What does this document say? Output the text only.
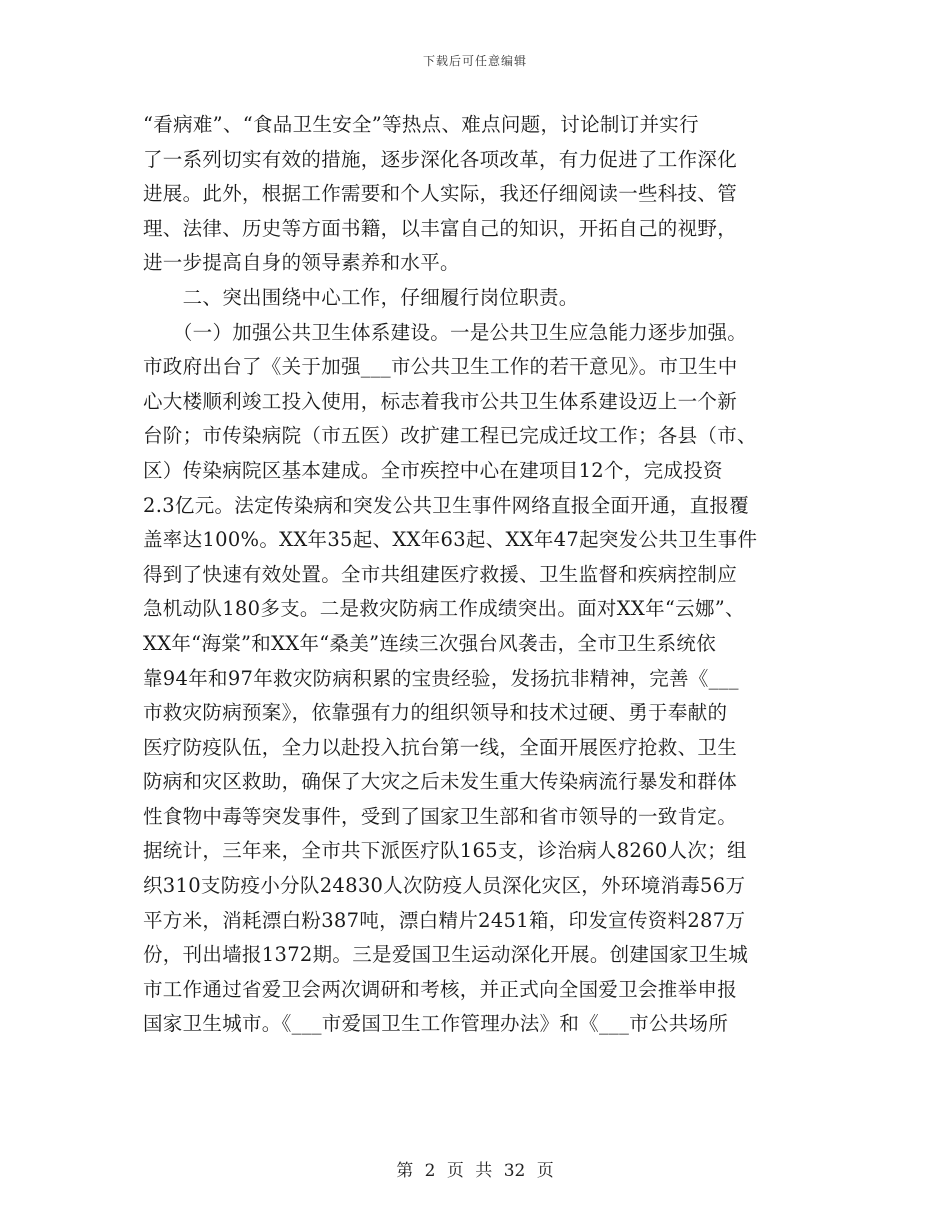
下载后可任意编辑
“看病难”、“食品卫生安全”等热点、难点问题，讨论制订并实行
了一系列切实有效的措施，逐步深化各项改革，有力促进了工作深化
进展。此外，根据工作需要和个人实际，我还仔细阅读一些科技、管
理、法律、历史等方面书籍，以丰富自己的知识，开拓自己的视野，
进一步提高自身的领导素养和水平。
　　二、突出围绕中心工作，仔细履行岗位职责。
　　（一）加强公共卫生体系建设。一是公共卫生应急能力逐步加强。
市政府出台了《关于加强___市公共卫生工作的若干意见》。市卫生中
心大楼顺利竣工投入使用，标志着我市公共卫生体系建设迈上一个新
台阶；市传染病院（市五医）改扩建工程已完成迁坟工作；各县（市、
区）传染病院区基本建成。全市疾控中心在建项目12个，完成投资
2.3亿元。法定传染病和突发公共卫生事件网络直报全面开通，直报覆
盖率达100%。XX年35起、XX年63起、XX年47起突发公共卫生事件
得到了快速有效处置。全市共组建医疗救援、卫生监督和疾病控制应
急机动队180多支。二是救灾防病工作成绩突出。面对XX年“云娜”、
XX年“海棠”和XX年“桑美”连续三次强台风袭击，全市卫生系统依
靠94年和97年救灾防病积累的宝贵经验，发扬抗非精神，完善《___
市救灾防病预案》，依靠强有力的组织领导和技术过硬、勇于奉献的
医疗防疫队伍，全力以赴投入抗台第一线，全面开展医疗抢救、卫生
防病和灾区救助，确保了大灾之后未发生重大传染病流行暴发和群体
性食物中毒等突发事件，受到了国家卫生部和省市领导的一致肯定。
据统计，三年来，全市共下派医疗队165支，诊治病人8260人次；组
织310支防疫小分队24830人次防疫人员深化灾区，外环境消毒56万
平方米，消耗漂白粉387吨，漂白精片2451箱，印发宣传资料287万
份，刊出墙报1372期。三是爱国卫生运动深化开展。创建国家卫生城
市工作通过省爱卫会两次调研和考核，并正式向全国爱卫会推举申报
国家卫生城市。《___市爱国卫生工作管理办法》和《___市公共场所
第 2 页 共 32 页
